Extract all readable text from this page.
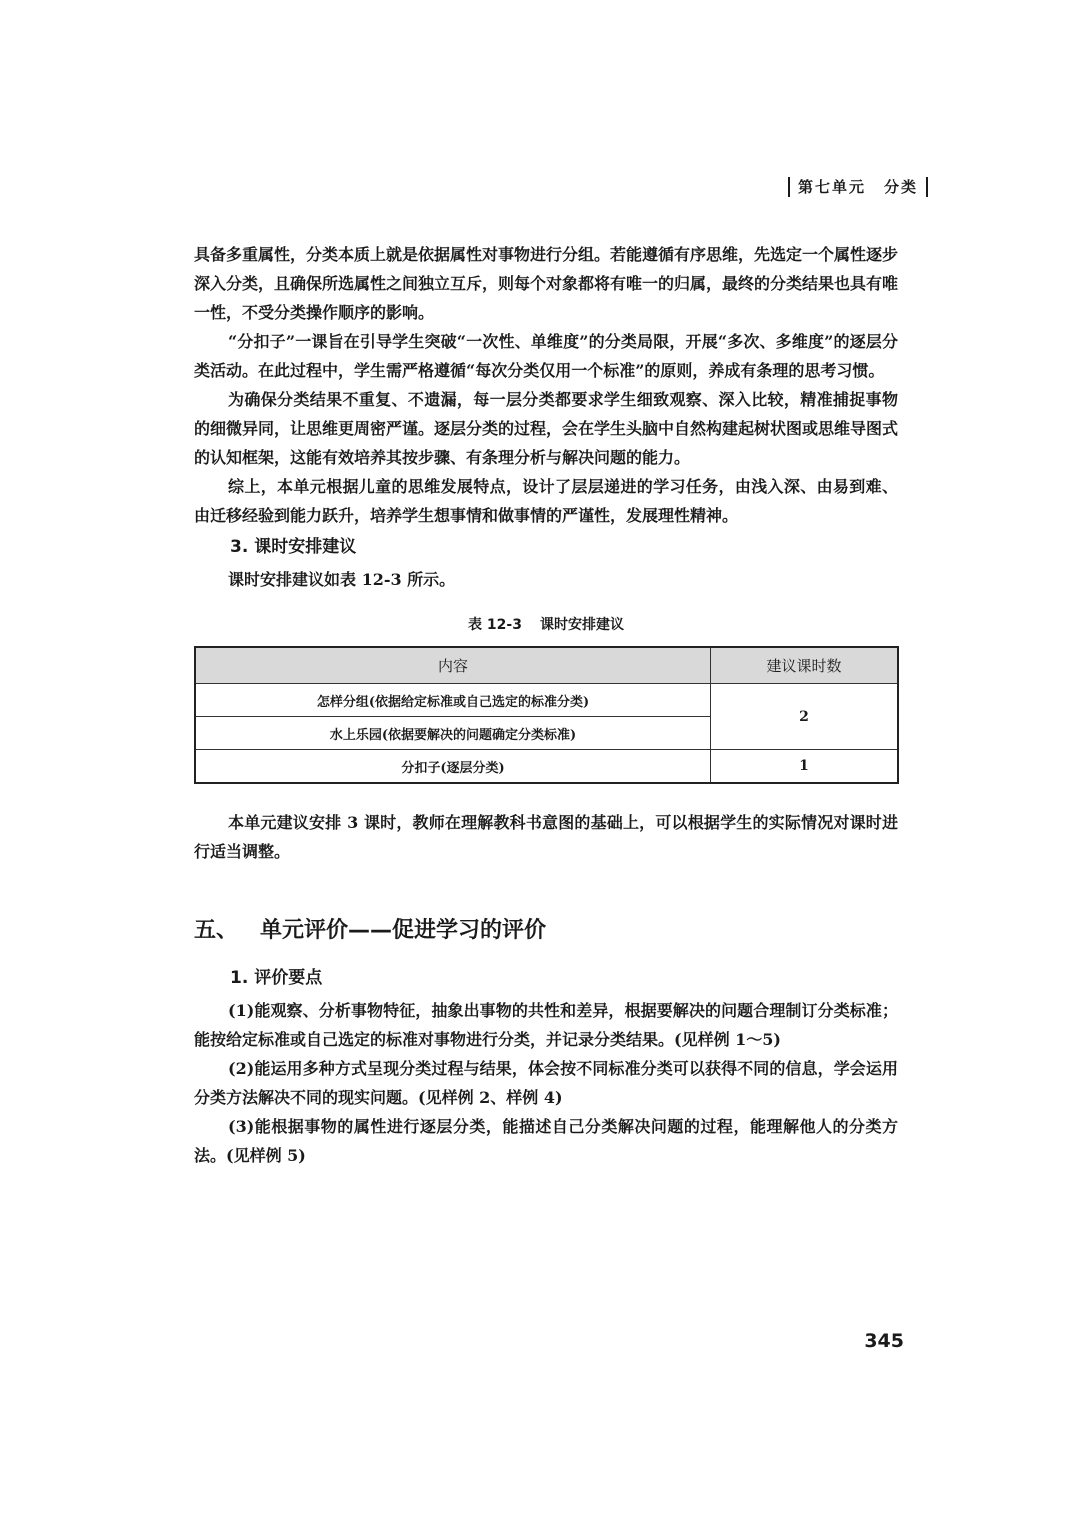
第七单元 分类

具备多重属性，分类本质上就是依据属性对事物进行分组。若能遵循有序思维，先选定一个属性逐步深入分类，且确保所选属性之间独立互斥，则每个对象都将有唯一的归属，最终的分类结果也具有唯一性，不受分类操作顺序的影响。

“分扣子”一课旨在引导学生突破“一次性、单维度”的分类局限，开展“多次、多维度”的逐层分类活动。在此过程中，学生需严格遵循“每次分类仅用一个标准”的原则，养成有条理的思考习惯。

为确保分类结果不重复、不遗漏，每一层分类都要求学生细致观察、深入比较，精准捕捉事物的细微异同，让思维更周密严谨。逐层分类的过程，会在学生头脑中自然构建起树状图或思维导图式的认知框架，这能有效培养其按步骤、有条理分析与解决问题的能力。

综上，本单元根据儿童的思维发展特点，设计了层层递进的学习任务，由浅入深、由易到难、由迁移经验到能力跃升，培养学生想事情和做事情的严谨性，发展理性精神。

3. 课时安排建议

课时安排建议如表 12-3 所示。

表 12-3 课时安排建议
内容	建议课时数
怎样分组(依据给定标准或自己选定的标准分类)	2
水上乐园(依据要解决的问题确定分类标准)	
分扣子(逐层分类)	1

本单元建议安排 3 课时，教师在理解教科书意图的基础上，可以根据学生的实际情况对课时进行适当调整。

五、 单元评价——促进学习的评价
1. 评价要点

(1)能观察、分析事物特征，抽象出事物的共性和差异，根据要解决的问题合理制订分类标准；能按给定标准或自己选定的标准对事物进行分类，并记录分类结果。(见样例 1～5)

(2)能运用多种方式呈现分类过程与结果，体会按不同标准分类可以获得不同的信息，学会运用分类方法解决不同的现实问题。(见样例 2、样例 4)

(3)能根据事物的属性进行逐层分类，能描述自己分类解决问题的过程，能理解他人的分类方法。(见样例 5)

345
